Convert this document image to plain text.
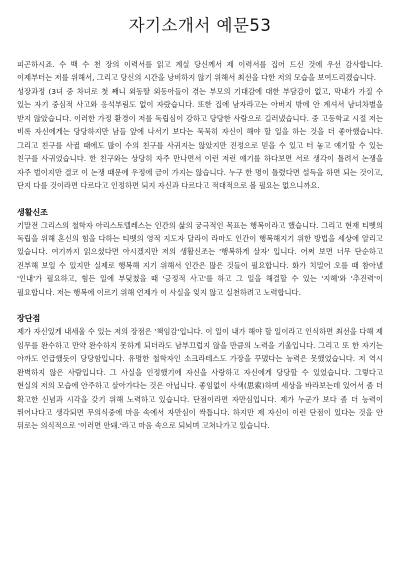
자기소개서 예문53

피곤하시죠. 수 백 수 천 장의 이력서를 읽고 계실 당신께서 제 이력서를 집어 드신 것에 우선 감사합니다. 이제부터는 저를 위해서, 그리고 당신의 시간을 낭비하지 않기 위해서 최선을 다한 저의 모습을 보여드리겠습니다.

성장과정 (3녀 중 차녀로 첫 째니 외동딸 외동아들이 겪는 부모의 기대감에 대한 부담감이 없고, 막내가 가질 수 있는 자기 중심적 사고와 응석부림도 없이 자랐습니다. 또한 집에 남자라고는 아버지 밖에 안 계셔서 남녀차별을 받지 않았습니다. 이러한 가정 환경이 저를 독립심이 강하고 당당한 사람으로 길러냈습니다. 중 고등학교 시절 저는 비록 자신에게는 당당하지만 남들 앞에 나서기 보다는 묵묵히 자신이 해야 할 일을 하는 것을 더 좋아했습니다. 그리고 친구를 사귈 때에도 많이 수의 친구를 사귀지는 않았지만 진정으로 믿을 수 있고 터 놓고 얘기할 수 있는 친구를 사귀었습니다. 한 친구와는 상당히 자주 만나면서 이런 저런 얘기를 하다보면 서로 생각이 틀려서 논쟁을 자주 벌이지만 결코 이 논쟁 때문에 우정에 금이 가지는 않습니다. 누구 한 명이 틀렸다면 설득을 하면 되는 것이고, 단지 다를 것이라면 다르다고 인정하면 되지 자신과 다르다고 적대적으로 볼 필요는 없으니까요.

생활신조

기말전 그리스의 철학자 아리스토텔레스는 인간의 삶의 궁극적인 목표는 행복이라고 했습니다. 그리고 현재 티벳의 독립을 위해 혼신의 힘을 다하는 티벳의 영적 지도자 달라이 라마도 인간이 행복해지기 위한 방법을 세상에 알리고 있습니다. 여기까지 읽으셨다면 아시겠지만 저의 생활신조는 '행복하게 살자' 입니다. 어쩌 보면 너무 단순하고 진부해 보일 수 있지만 실제로 행복해 지기 위해서 인간은 많은 것들이 필요합니다. 화가 치밀어 오를 때 참아낼 '인내'가 필요하고, 힘든 일에 부딪쳤을 때 '긍정적 사고'를 하고 그 일을 해결할 수 있는 '지혜'와 '추진력'이 필요합니다. 저는 행복에 이르기 위해 언제가 이 사실을 잊지 않고 실천하려고 노력합니다.

장단점

제가 자신있게 내세울 수 있는 저의 장점은 '책임감'입니다. 이 일이 내가 해야 할 일이라고 인식하면 최선을 다해 제 임무를 완수하고 만약 완수하지 못하게 되더라도 남부끄럽지 않을 만큼의 노력을 기울입니다. 그리고 또 한 자기는 아까도 언급했듯이 당당함입니다. 유명한 철학자인 소크라테스도 가장을 꾸몄다는 능력은 못했었습니다. 저 역시 완벽하지 않은 사람입니다. 그 사실을 인정했기에 자신을 사랑하고 자신에게 당당할 수 있었습니다. 그렇다고 현실의 저의 모습에 안주하고 살아가다는 것은 아닙니다. 좋임없이 사색(思索)하며 세상을 바라보는데 있어서 좀 더 확고한 신념과 시각을 갖기 위해 노력하고 있습니다. 단점이라면 자만심입니다. 제가 누군가 보다 좀 더 능력이 뛰어나다고 생각되면 무의식중에 마음 속에서 자만심이 싹틉니다. 하지만 제 자신이 이런 단점이 있다는 것을 안 뒤로는 의식적으로 '이러면 안돼.'라고 마음 속으로 되뇌며 고쳐나가고 있습니다.
